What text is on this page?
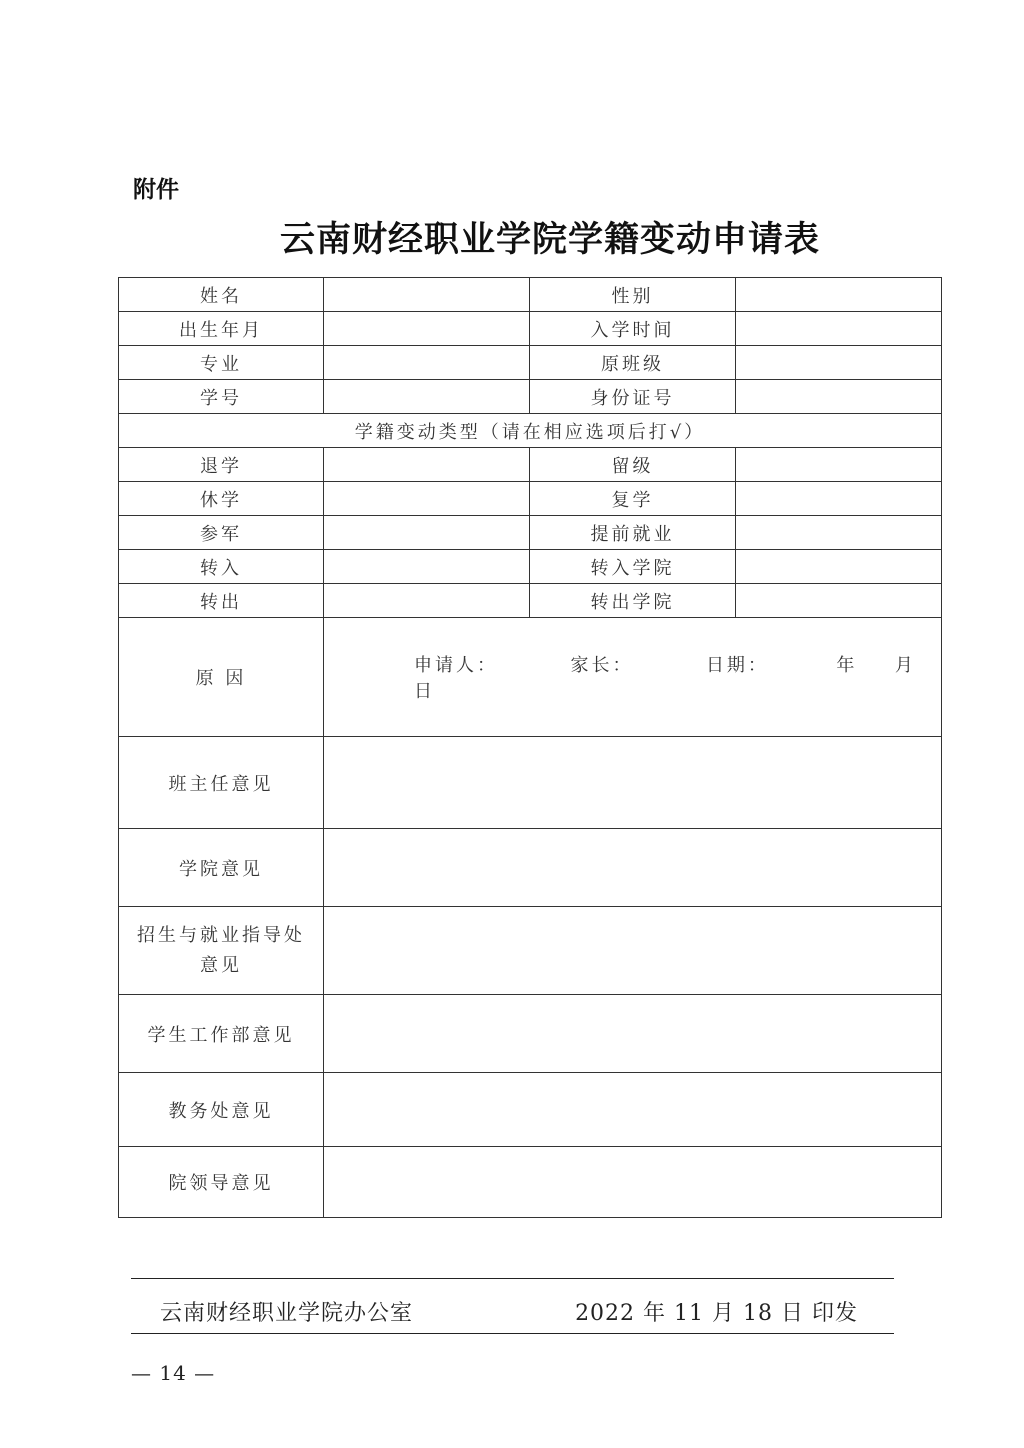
附件
云南财经职业学院学籍变动申请表
姓名		性别	
出生年月		入学时间	
专业		原班级	
学号		身份证号	
学籍变动类型（请在相应选项后打√）			
退学		留级	
休学		复学	
参军		提前就业	
转入		转入学院	
转出		转出学院	
原 因	申请人： 家长： 日期： 年 月  日		

班主任意见			

学院意见			

招生与就业指导处
意见			

学生工作部意见			

教务处意见			

院领导意见			

云南财经职业学院办公室	2022 年 11 月 18 日 印发
— 14 —
